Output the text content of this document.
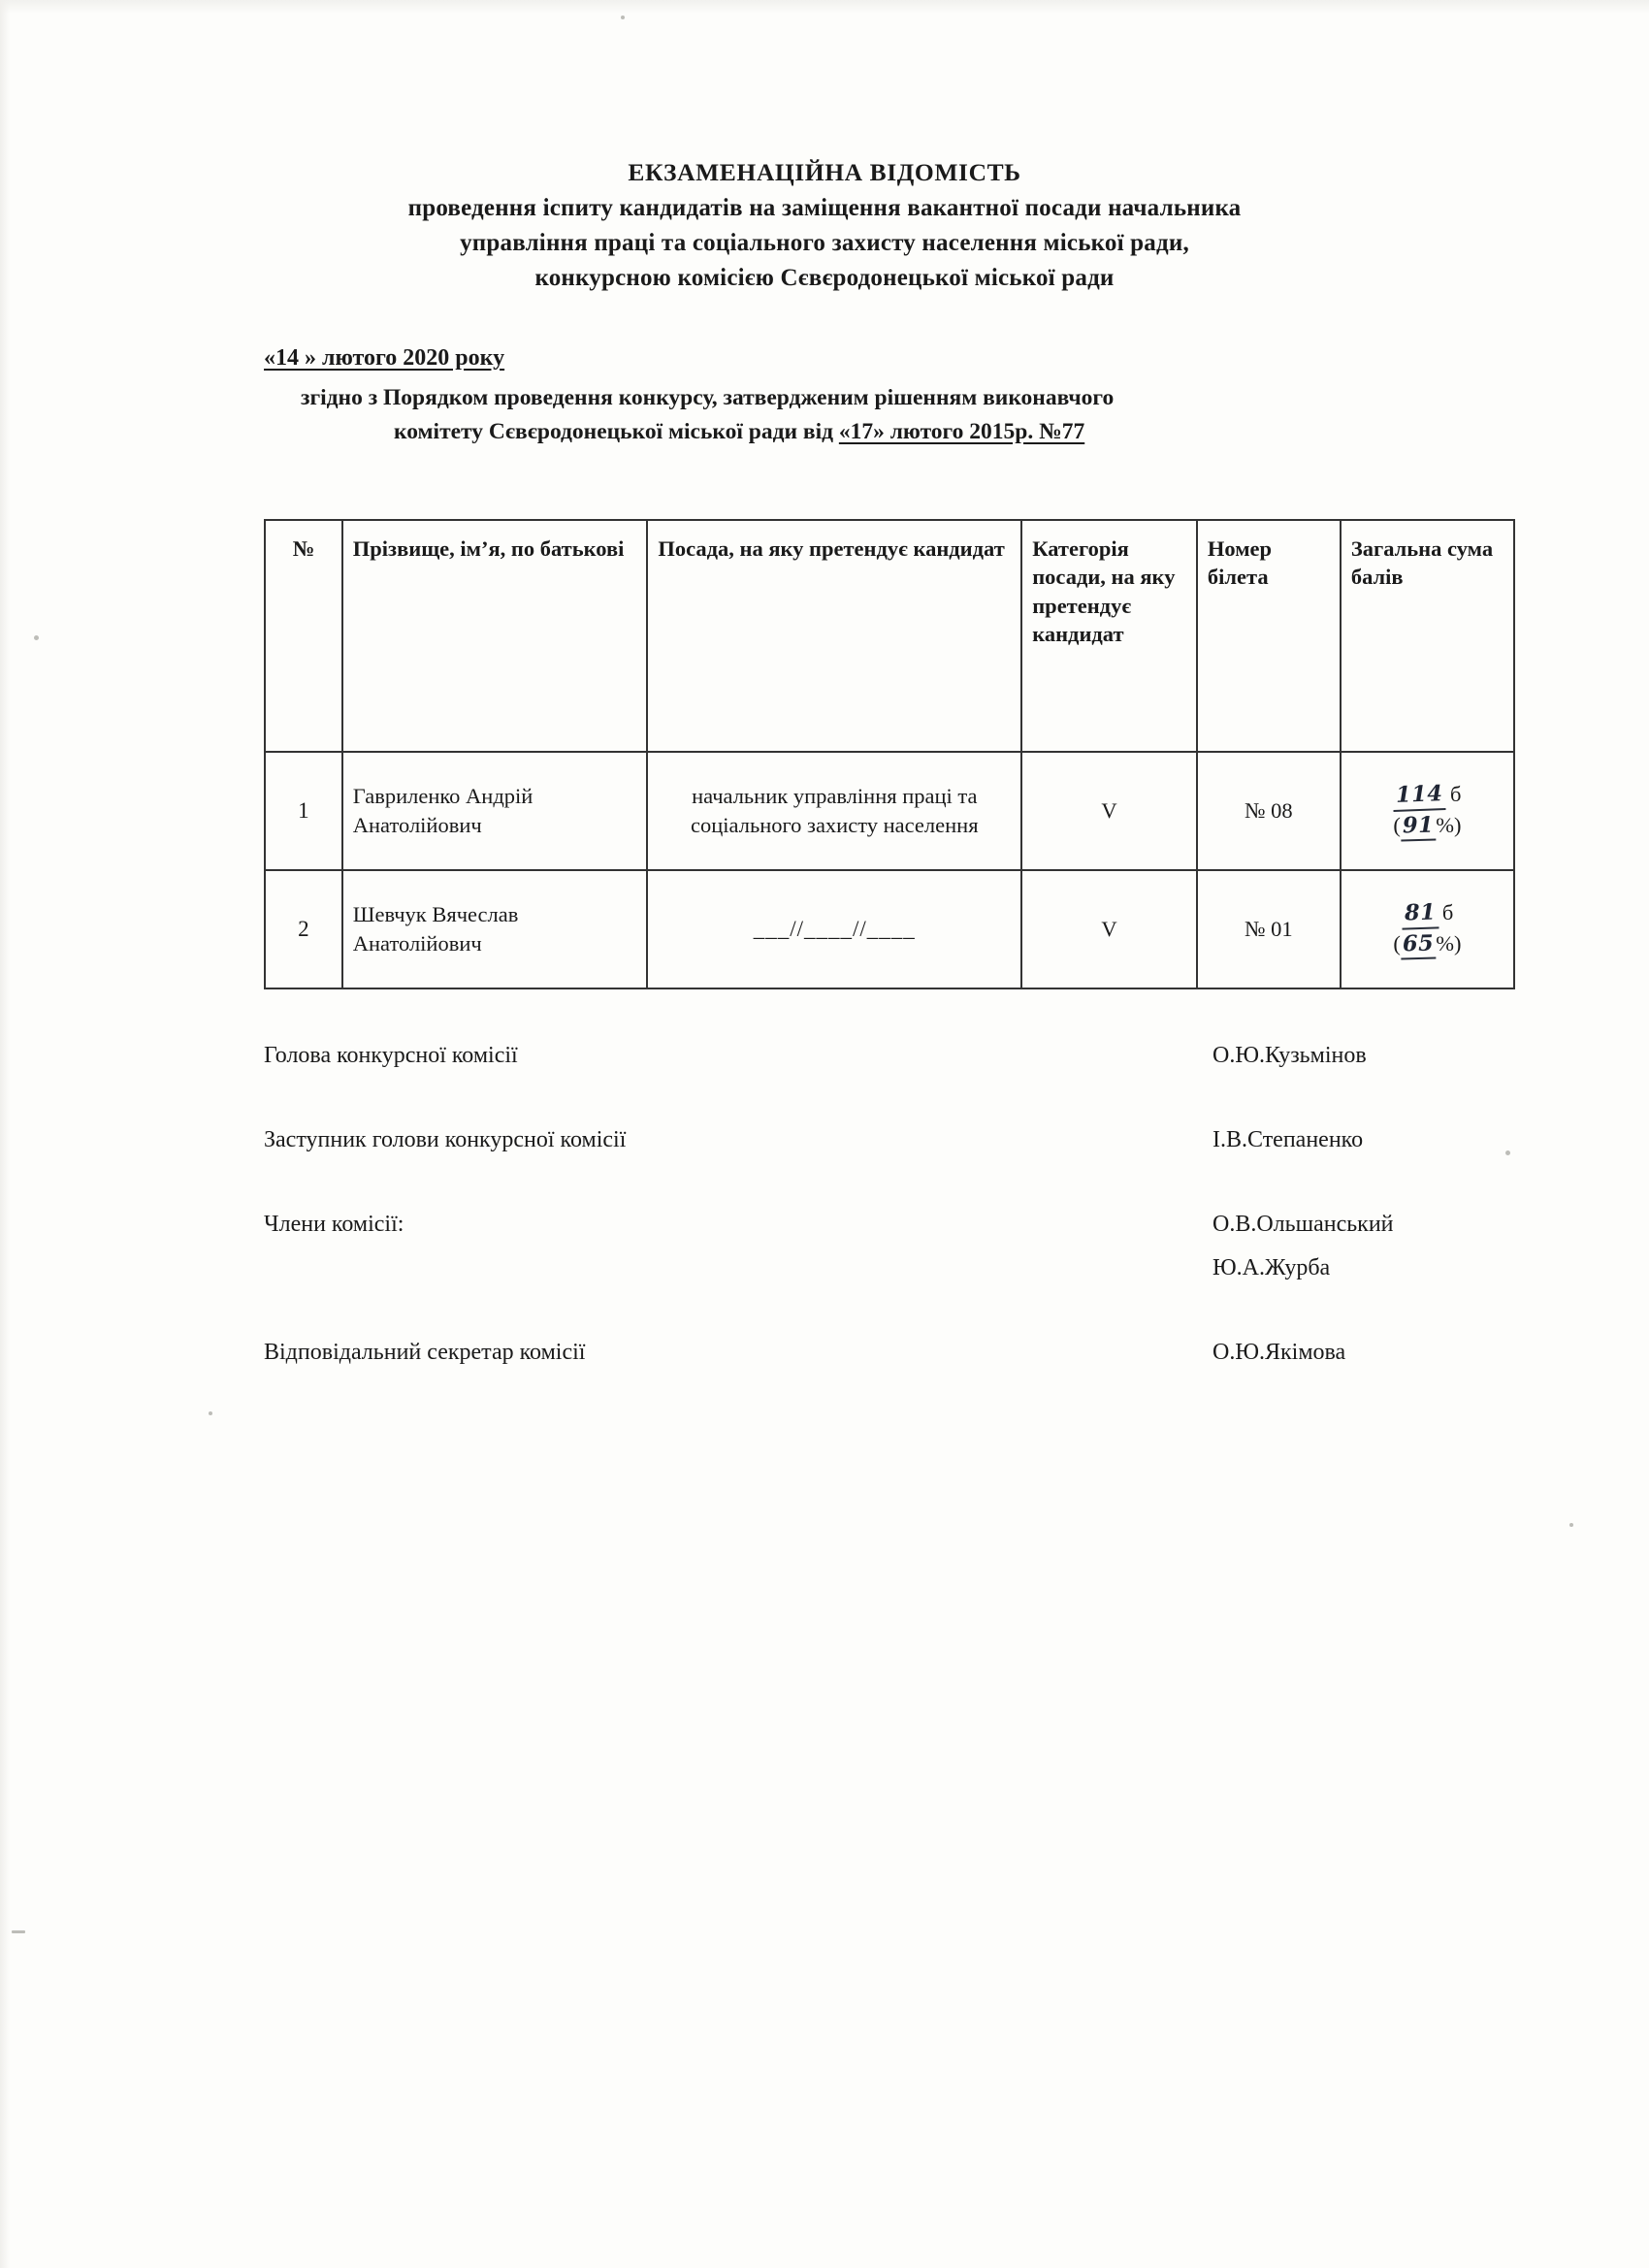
ЕКЗАМЕНАЦІЙНА ВІДОМІСТЬ
проведення іспиту кандидатів на заміщення вакантної посади начальника
управління праці та соціального захисту населення міської ради,
конкурсною комісією Сєвєродонецької міської ради
«14 » лютого 2020 року
згідно з Порядком проведення конкурсу, затвердженим рішенням виконавчого
комітету Сєвєродонецької міської ради від «17» лютого 2015р. №77
№	Прізвище, ім’я, по батькові	Посада, на яку претендує кандидат	Категорія посади, на яку претендує кандидат	Номер білета	Загальна сума балів
1	Гавриленко Андрій Анатолійович	начальник управління праці та соціального захисту населення	V	№ 08	114 б
(91%)

2	Шевчук Вячеслав Анатолійович	___//____//____	V	№ 01	81 б
(65%)
Голова конкурсної комісії	О.Ю.Кузьмінов
Заступник голови конкурсної комісії	І.В.Степаненко
Члени комісії:	О.В.Ольшанський
Ю.А.Журба
Відповідальний секретар комісії	О.Ю.Якімова
